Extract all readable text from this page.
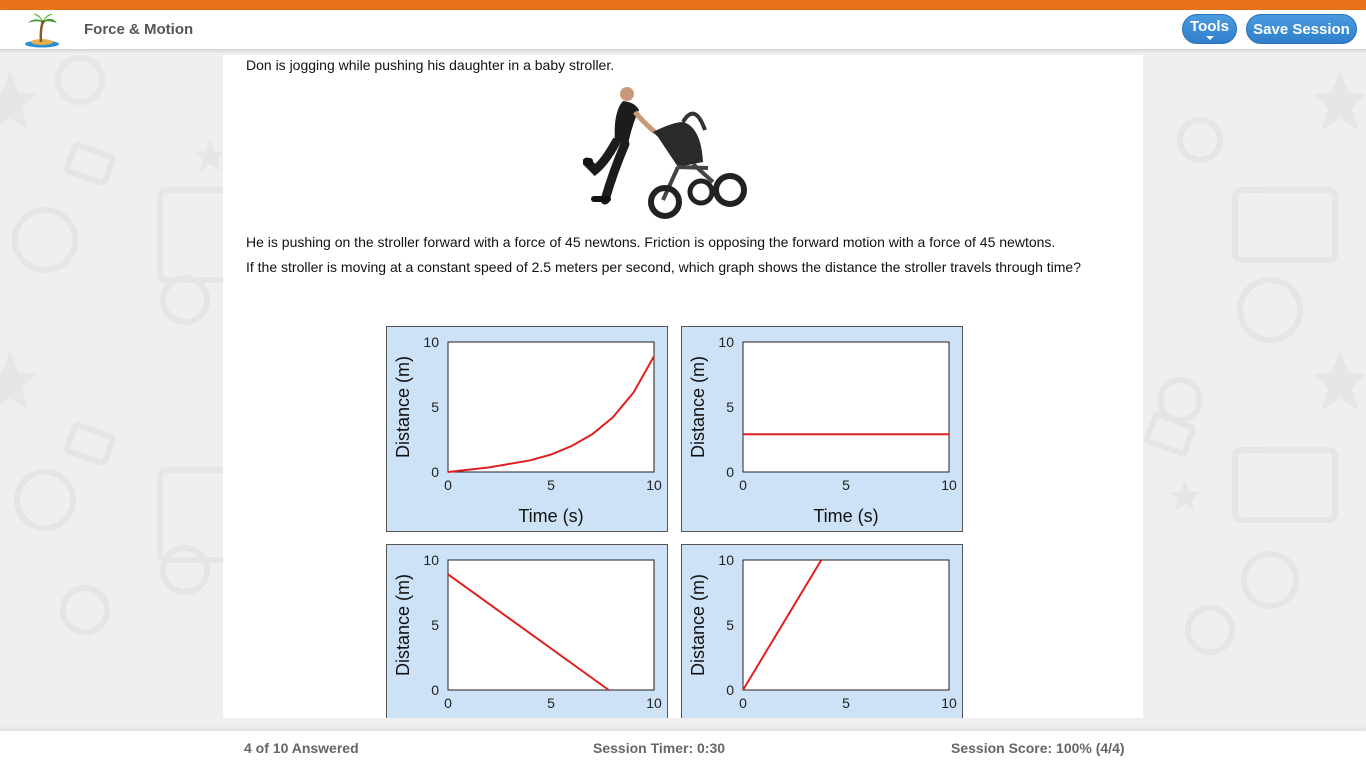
Force & Motion	Tools	Save Session
Don is jogging while pushing his daughter in a baby stroller.
He is pushing on the stroller forward with a force of 45 newtons. Friction is opposing the forward motion with a force of 45 newtons.
If the stroller is moving at a constant speed of 2.5 meters per second, which graph shows the distance the stroller travels through time?
0	5	10
0
5
10
Time (s)
Distance (m)
0	5	10
0
5
10
Time (s)
Distance (m)
0	5	10
0
5
10
Distance (m)
0	5	10
0
5
10
Distance (m)
4 of 10 Answered	Session Timer: 0:30	Session Score: 100% (4/4)
